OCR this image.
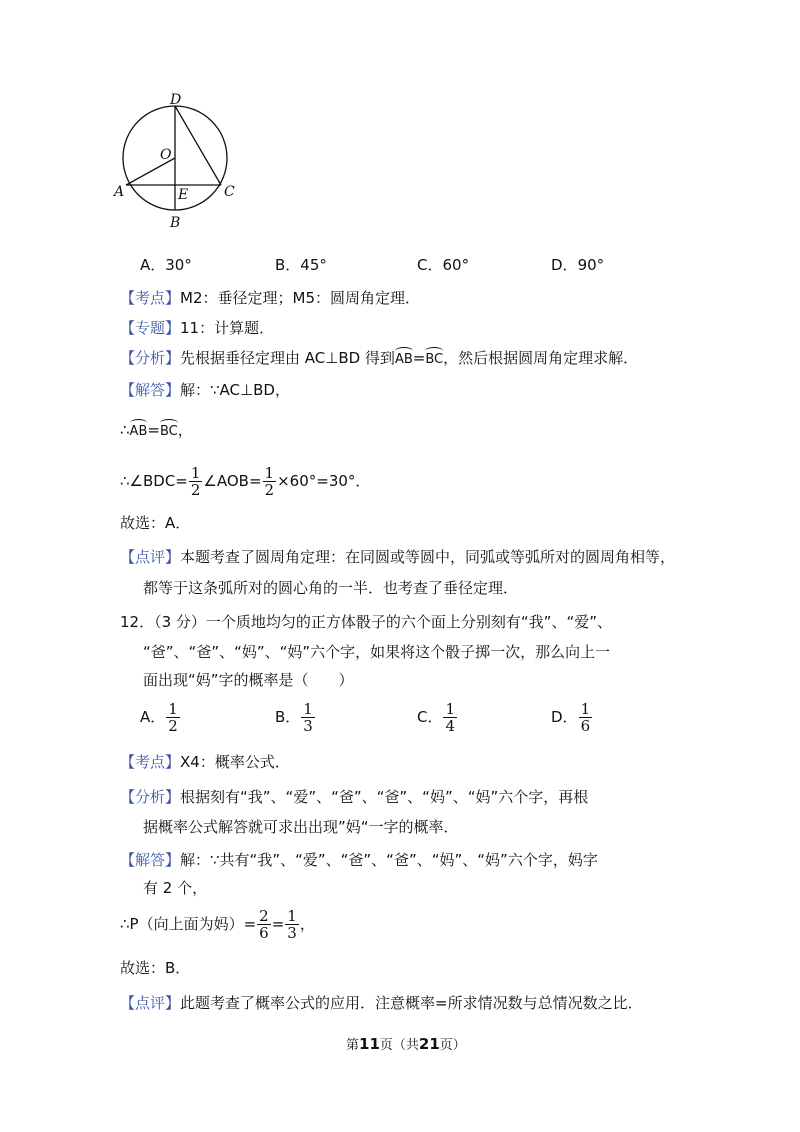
D
O
A	E	C
B
A．30°	B．45°	C．60°	D．90°
【考点】M2：垂径定理；M5：圆周角定理．
【专题】11：计算题．
【分析】先根据垂径定理由 AC⊥BD 得到AB=BC，然后根据圆周角定理求解．
【解答】解：∵AC⊥BD，
∴AB=BC，
∴∠BDC= $\frac{1}{2}$ ∠AOB= $\frac{1}{2} \times 60^\circ=30^\circ$．
故选：A．
【点评】本题考查了圆周角定理：在同圆或等圆中，同弧或等弧所对的圆周角相等，
都等于这条弧所对的圆心角的一半．也考查了垂径定理．
12．（3 分）一个质地均匀的正方体骰子的六个面上分别刻有“我”、“爱”、
“爸”、“爸”、“妈”、“妈”六个字，如果将这个骰子掷一次，那么向上一
面出现“妈”字的概率是（　　）
A． $\frac{1}{2}$	B． $\frac{1}{3}$	C． $\frac{1}{4}$	D． $\frac{1}{6}$
【考点】X4：概率公式．
【分析】根据刻有“我”、“爱”、“爸”、“爸”、“妈”、“妈”六个字，再根
据概率公式解答就可求出出现”妈“一字的概率．
【解答】解：∵共有“我”、“爱”、“爸”、“爸”、“妈”、“妈”六个字，妈字
有 2 个，
∴P（向上面为妈）= $\frac{2}{6} = \frac{1}{3}$ ，
故选：B．
【点评】此题考查了概率公式的应用．注意概率=所求情况数与总情况数之比．
第11页（共21页）
